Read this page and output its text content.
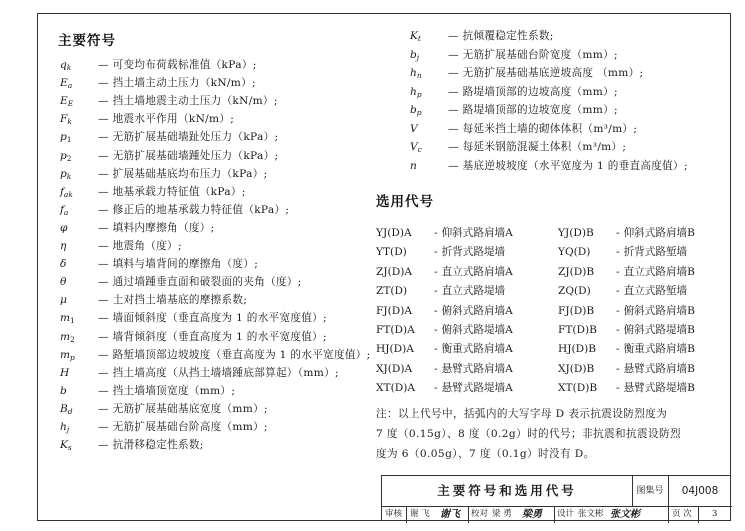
主要符号
qk	— 可变均布荷载标准值（kPa）;
Ea — 挡土墙主动土压力（kN/m）;
EE — 挡土墙地震主动土压力（kN/m）;
Fk — 地震水平作用（kN/m）;
$p_1$ — 无筋扩展基础墙趾处压力（kPa）;
$p_2$ — 无筋扩展基础墙踵处压力（kPa）;
pk	— 扩展基础基底均布压力（kPa）;
fak — 地基承载力特征值（kPa）;
fa	— 修正后的地基承载力特征值（kPa）;
φ	— 填料内摩擦角（度）;
η	— 地震角（度）;
δ	— 填料与墙背间的摩擦角（度）;
θ	— 通过墙踵垂直面和破裂面的夹角（度）;
μ	— 土对挡土墙基底的摩擦系数;
$m_1$ — 墙面倾斜度（垂直高度为 1 的水平宽度值）;
$m_2$ — 墙背倾斜度（垂直高度为 1 的水平宽度值）;
mp — 路堑墙顶部边坡坡度（垂直高度为 1 的水平宽度值）;
H	— 挡土墙高度（从挡土墙墙踵底部算起）（mm）;
b	— 挡土墙墙顶宽度（mm）;
Bd — 无筋扩展基础基底宽度（mm）;
hj	— 无筋扩展基础台阶高度（mm）;
Ks — 抗滑移稳定性系数;
Kt	— 抗倾覆稳定性系数;
bj	— 无筋扩展基础台阶宽度（mm）;
hn — 无筋扩展基础基底逆坡高度 （mm）;
hp — 路堤墙顶部的边坡高度（mm）;
bp — 路堤墙顶部的边坡宽度（mm）;
V	— 每延米挡土墙的砌体体积（m³/m）;
Vc — 每延米钢筋混凝土体积（m³/m）;
n	— 基底逆坡坡度（水平宽度为 1 的垂直高度值）;
选用代号
YJ(D)A - 仰斜式路肩墙A	YJ(D)B - 仰斜式路肩墙B
YT(D)	- 折背式路堤墙	YQ(D) - 折背式路堑墙
ZJ(D)A - 直立式路肩墙A	ZJ(D)B - 直立式路肩墙B
ZT(D)	- 直立式路堤墙	ZQ(D) - 直立式路堑墙
FJ(D)A - 俯斜式路肩墙A	FJ(D)B - 俯斜式路肩墙B
FT(D)A - 俯斜式路堤墙A	FT(D)B - 俯斜式路堤墙B
HJ(D)A - 衡重式路肩墙A	HJ(D)B - 衡重式路肩墙B
XJ(D)A - 悬臂式路肩墙A	XJ(D)B - 悬臂式路肩墙B
XT(D)A - 悬臂式路堤墙A	XT(D)B - 悬臂式路堤墙B
注：以上代号中，括弧内的大写字母 D 表示抗震设防烈度为
7 度（0.15g）、8 度（0.2g）时的代号；非抗震和抗震设防烈
度为 6（0.05g）、7 度（0.1g）时没有 D。
主要符号和选用代号	图集号	04J008
审核 谢 飞 谢飞 校对 梁 勇 梁勇 设计 张文彬 张文彬	页 次 3
